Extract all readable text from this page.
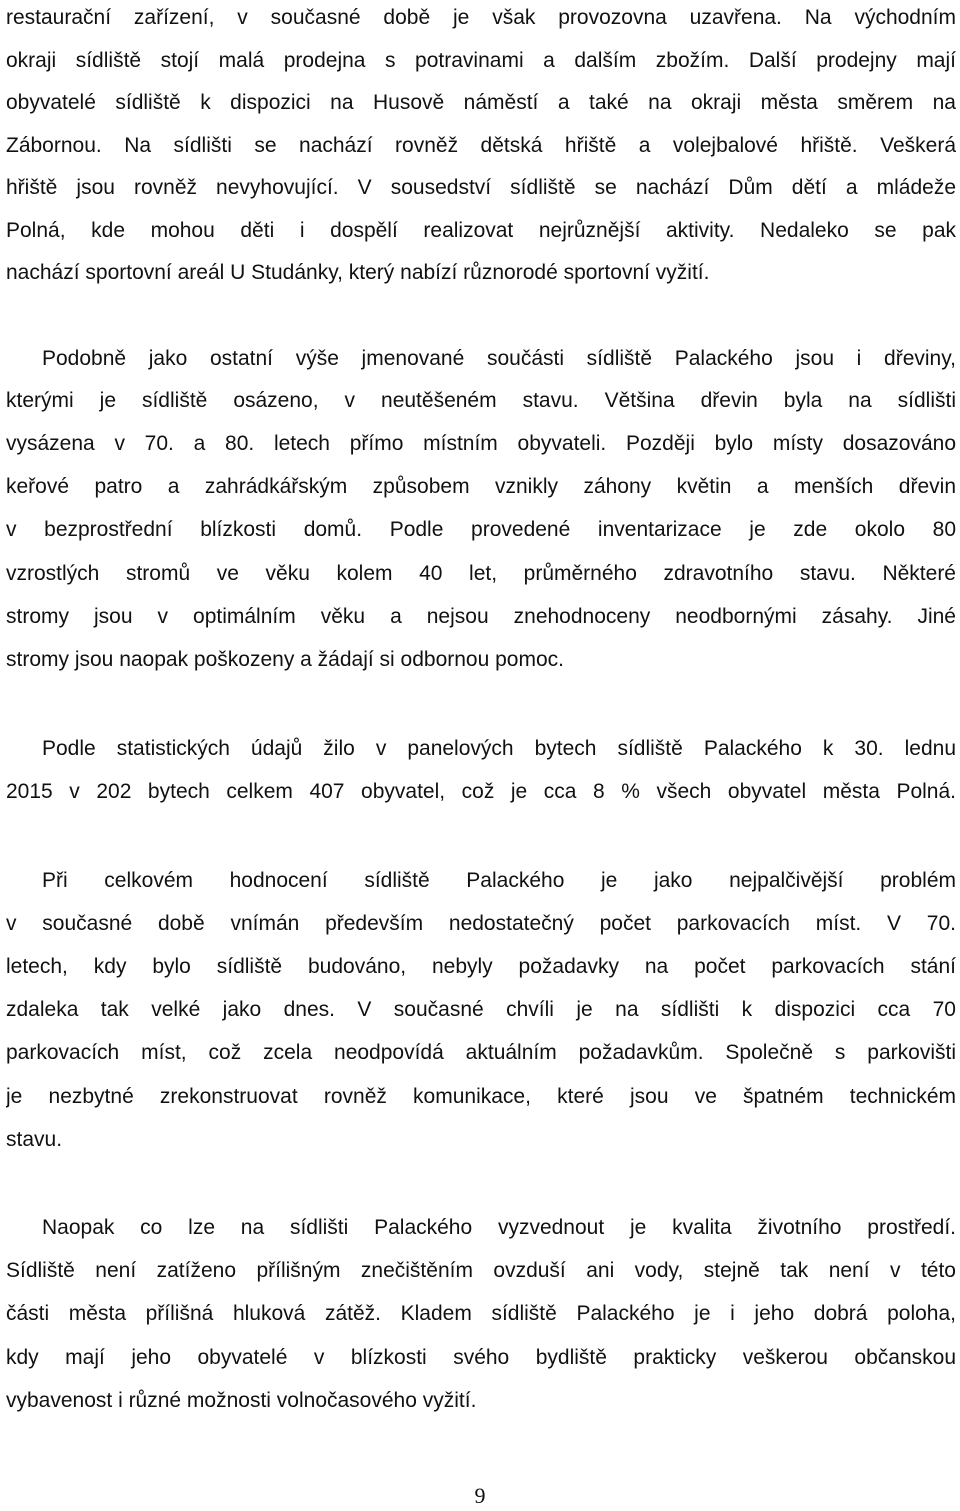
restaurační zařízení, v současné době je však provozovna uzavřena. Na východním
okraji sídliště stojí malá prodejna s potravinami a dalším zbožím. Další prodejny mají
obyvatelé sídliště k dispozici na Husově náměstí a také na okraji města směrem na
Zábornou. Na sídlišti se nachází rovněž dětská hřiště a volejbalové hřiště. Veškerá
hřiště jsou rovněž nevyhovující. V sousedství sídliště se nachází Dům dětí a mládeže
Polná, kde mohou děti i dospělí realizovat nejrůznější aktivity. Nedaleko se pak
nachází sportovní areál U Studánky, který nabízí různorodé sportovní vyžití.
Podobně jako ostatní výše jmenované součásti sídliště Palackého jsou i dřeviny,
kterými je sídliště osázeno, v neutěšeném stavu. Většina dřevin byla na sídlišti
vysázena v 70. a 80. letech přímo místním obyvateli. Později bylo místy dosazováno
keřové patro a zahrádkářským způsobem vznikly záhony květin a menších dřevin
v bezprostřední blízkosti domů. Podle provedené inventarizace je zde okolo 80
vzrostlých stromů ve věku kolem 40 let, průměrného zdravotního stavu. Některé
stromy jsou v optimálním věku a nejsou znehodnoceny neodbornými zásahy. Jiné
stromy jsou naopak poškozeny a žádají si odbornou pomoc.
Podle statistických údajů žilo v panelových bytech sídliště Palackého k 30. lednu
2015 v 202 bytech celkem 407 obyvatel, což je cca 8 % všech obyvatel města Polná.
Při celkovém hodnocení sídliště Palackého je jako nejpalčivější problém
v současné době vnímán především nedostatečný počet parkovacích míst. V 70.
letech, kdy bylo sídliště budováno, nebyly požadavky na počet parkovacích stání
zdaleka tak velké jako dnes. V současné chvíli je na sídlišti k dispozici cca 70
parkovacích míst, což zcela neodpovídá aktuálním požadavkům. Společně s parkovišti
je nezbytné zrekonstruovat rovněž komunikace, které jsou ve špatném technickém
stavu.
Naopak co lze na sídlišti Palackého vyzvednout je kvalita životního prostředí.
Sídliště není zatíženo přílišným znečištěním ovzduší ani vody, stejně tak není v této
části města přílišná hluková zátěž. Kladem sídliště Palackého je i jeho dobrá poloha,
kdy mají jeho obyvatelé v blízkosti svého bydliště prakticky veškerou občanskou
vybavenost i různé možnosti volnočasového vyžití.
9
